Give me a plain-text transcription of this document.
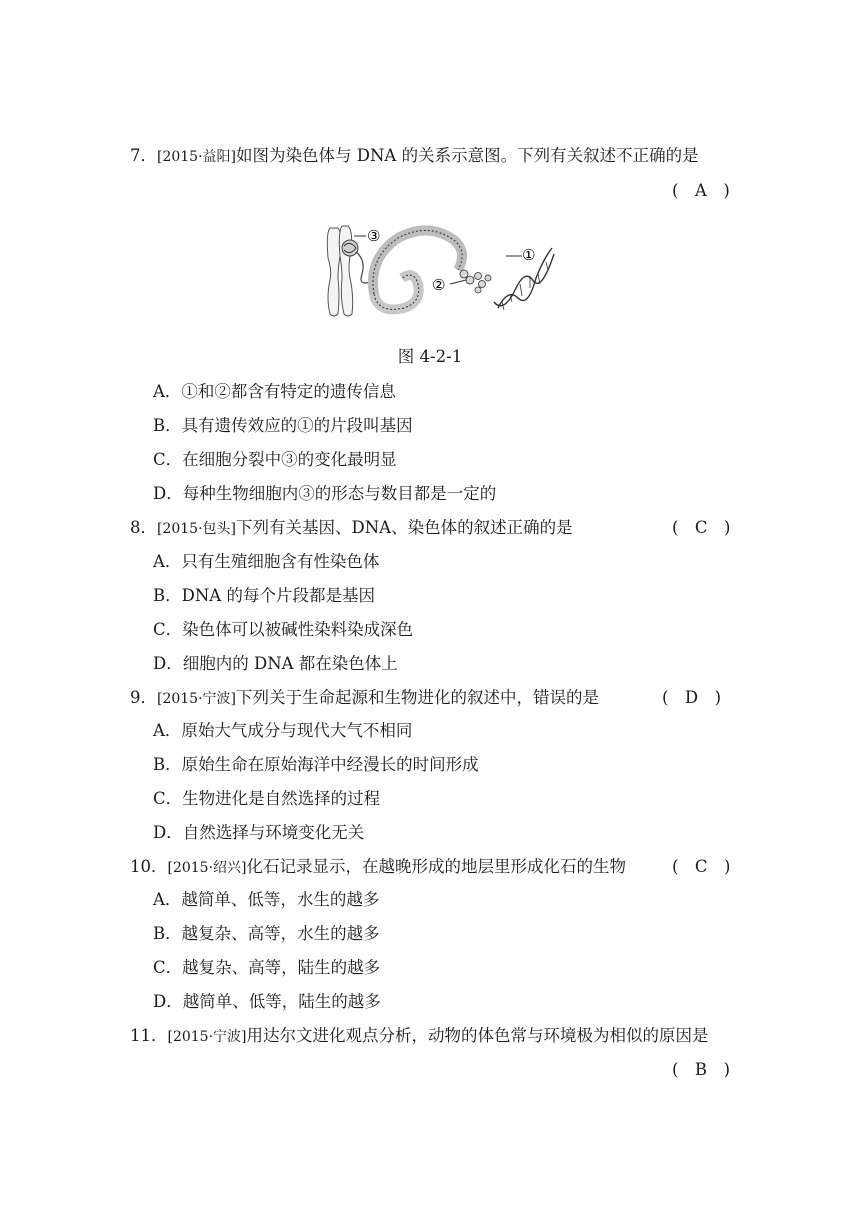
7．[2015·益阳]如图为染色体与 DNA 的关系示意图。下列有关叙述不正确的是
(　A　)
③
②
①
图 4-2-1
A．①和②都含有特定的遗传信息
B．具有遗传效应的①的片段叫基因
C．在细胞分裂中③的变化最明显
D．每种生物细胞内③的形态与数目都是一定的
8．[2015·包头]下列有关基因、DNA、染色体的叙述正确的是	(　C　)
A．只有生殖细胞含有性染色体
B．DNA 的每个片段都是基因
C．染色体可以被碱性染料染成深色
D．细胞内的 DNA 都在染色体上
9．[2015·宁波]下列关于生命起源和生物进化的叙述中，错误的是	(　D　)
A．原始大气成分与现代大气不相同
B．原始生命在原始海洋中经漫长的时间形成
C．生物进化是自然选择的过程
D．自然选择与环境变化无关
10．[2015·绍兴]化石记录显示，在越晚形成的地层里形成化石的生物	(　C　)
A．越简单、低等，水生的越多
B．越复杂、高等，水生的越多
C．越复杂、高等，陆生的越多
D．越简单、低等，陆生的越多
11．[2015·宁波]用达尔文进化观点分析，动物的体色常与环境极为相似的原因是
(　B　)
